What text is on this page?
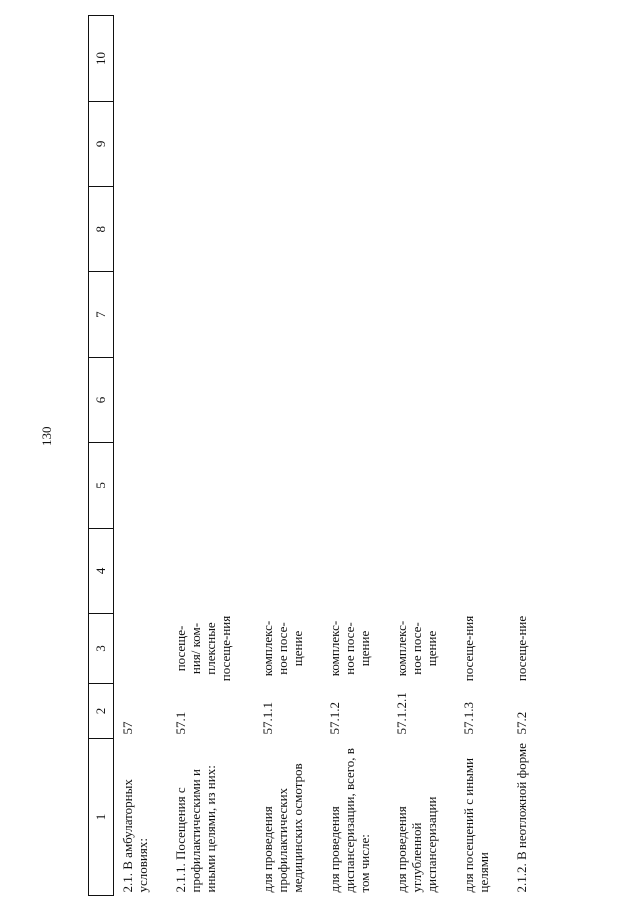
130
1	2	3	4	5	6	7	8	9	10
2.1. В амбулаторных условиях:	57								
2.1.1. Посещения с профилактическими и иными целями, из них:	57.1	посеще-ния/ ком-плексные посеще-ния							
для проведения профилактических медицинских осмотров	57.1.1	комплекс-ное посе-щение							
для проведения диспансеризации, всего, в том числе:	57.1.2	комплекс-ное посе-щение							
для проведения углубленной диспансеризации	57.1.2.1	комплекс-ное посе-щение							
для посещений с иными целями	57.1.3	посеще-ния							
2.1.2. В неотложной форме	57.2	посеще-ние							
